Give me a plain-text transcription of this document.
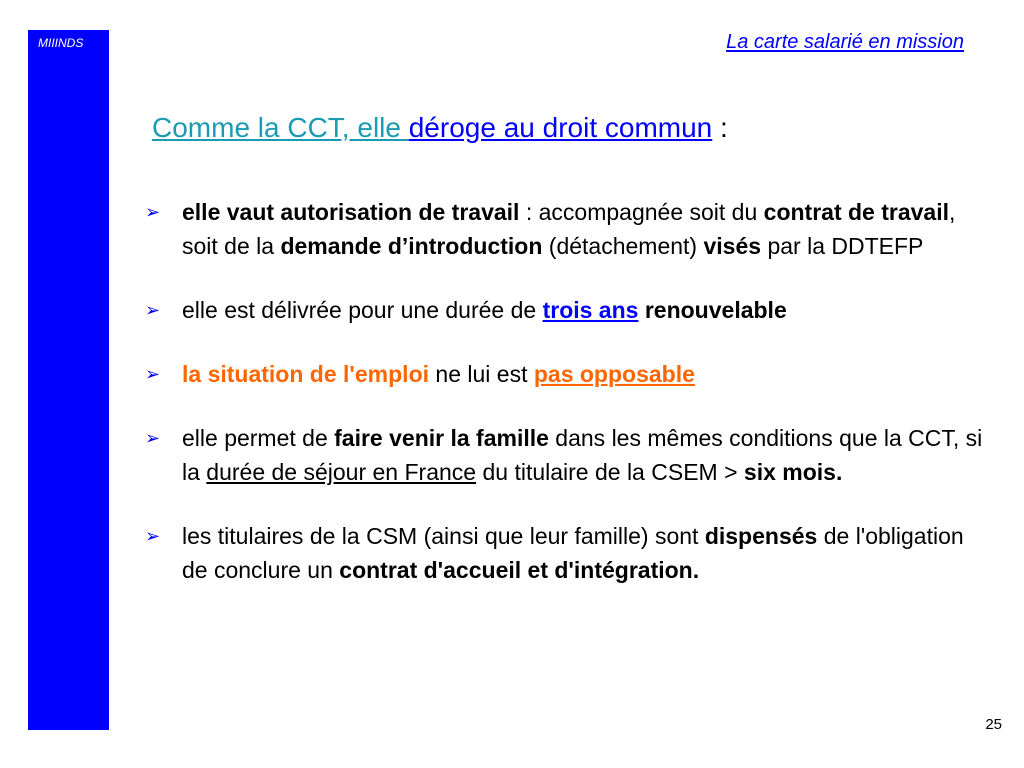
MIIINDS	La carte salarié en mission
Comme la CCT, elle déroge au droit commun :
➢ elle vaut autorisation de travail : accompagnée soit du contrat de travail, soit de la demande d’introduction (détachement) visés par la DDTEFP
➢ elle est délivrée pour une durée de trois ans renouvelable
➢ la situation de l'emploi ne lui est pas opposable
➢ elle permet de faire venir la famille dans les mêmes conditions que la CCT, si la durée de séjour en France du titulaire de la CSEM > six mois.
➢ les titulaires de la CSM (ainsi que leur famille) sont dispensés de l'obligation de conclure un contrat d'accueil et d'intégration.
25
